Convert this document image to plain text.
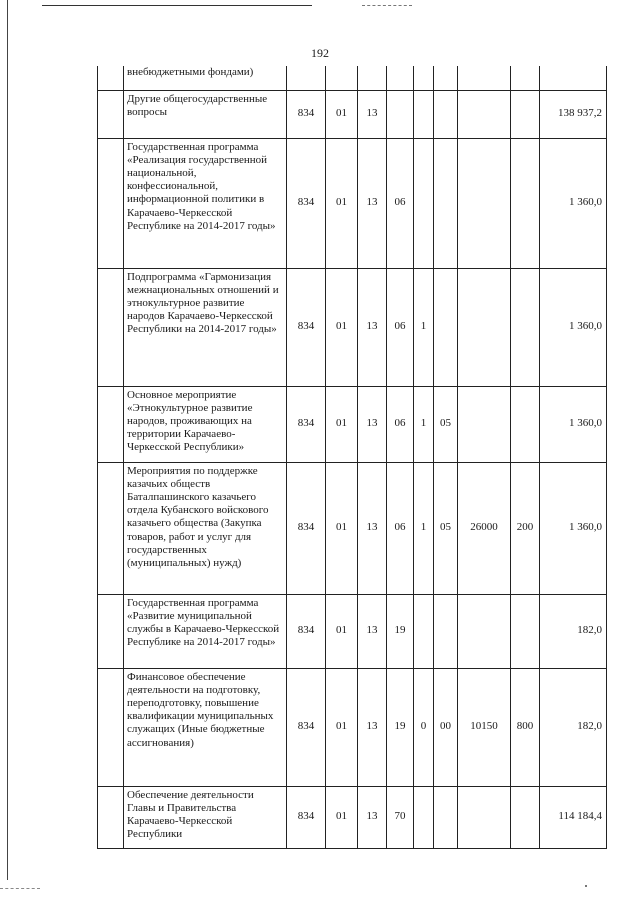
192
	внебюджетными фондами)									
	Другие общегосударственные вопросы	834	01	13						138 937,2
	Государственная программа «Реализация государственной национальной, конфессиональной, информационной политики в Карачаево-Черкесской Республике на 2014-2017 годы»	834	01	13	06					1 360,0
	Подпрограмма «Гармонизация межнациональных отношений и этнокультурное развитие народов Карачаево-Черкесской Республики на 2014-2017 годы»	834	01	13	06	1				1 360,0
	Основное мероприятие «Этнокультурное развитие народов, проживающих на территории Карачаево-Черкесской Республики»	834	01	13	06	1	05			1 360,0
	Мероприятия по поддержке казачьих обществ Баталпашинского казачьего отдела Кубанского войскового казачьего общества (Закупка товаров, работ и услуг для государственных (муниципальных) нужд)	834	01	13	06	1	05	26000	200	1 360,0
	Государственная программа «Развитие муниципальной службы в Карачаево-Черкесской Республике на 2014-2017 годы»	834	01	13	19					182,0
	Финансовое обеспечение деятельности на подготовку, переподготовку, повышение квалификации муниципальных служащих (Иные бюджетные ассигнования)	834	01	13	19	0	00	10150	800	182,0
	Обеспечение деятельности Главы и Правительства Карачаево-Черкесской Республики	834	01	13	70					114 184,4
